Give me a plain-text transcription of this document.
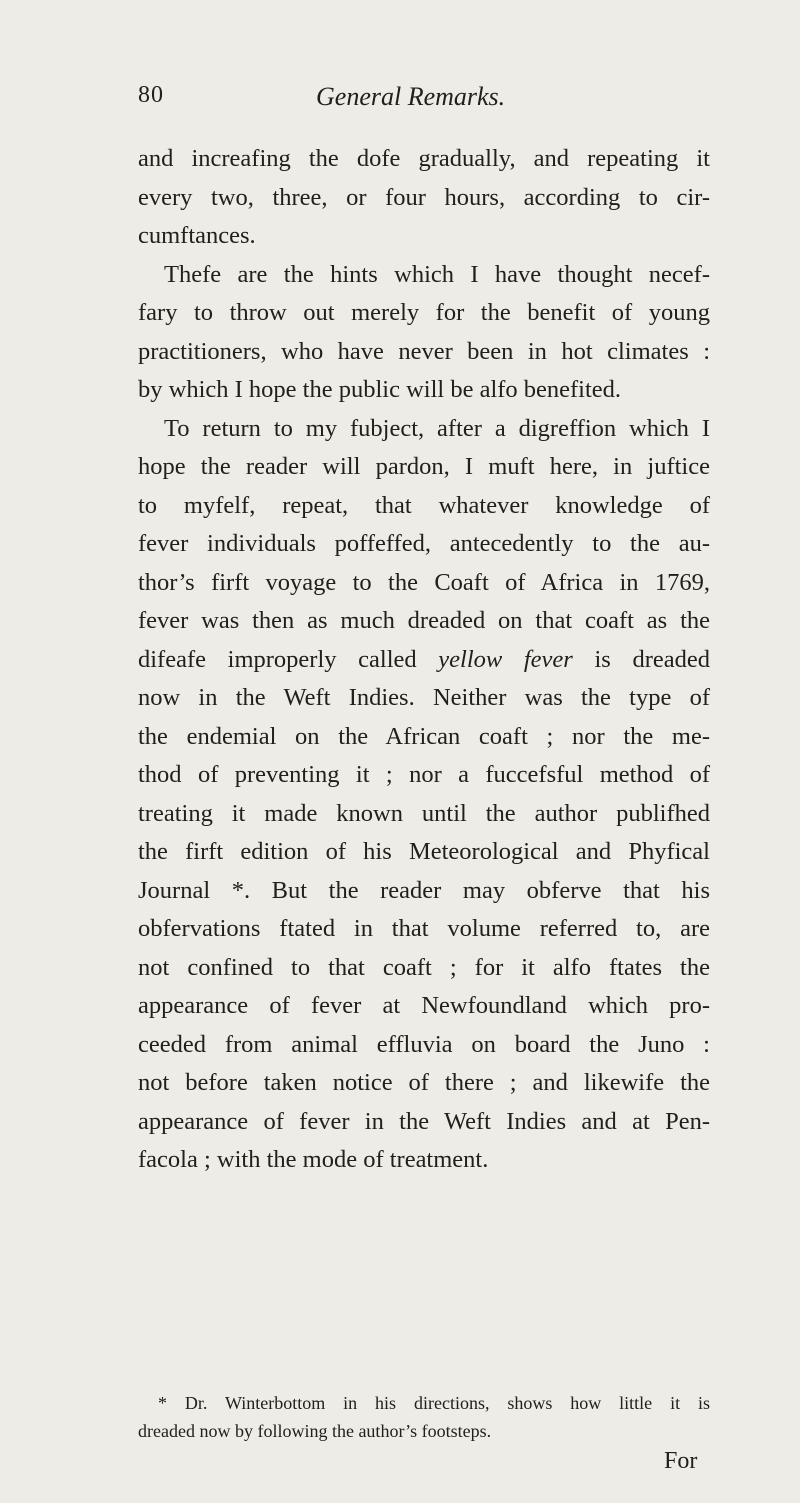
80	General Remarks.
and increafing the dofe gradually, and repeating it
every two, three, or four hours, according to cir-
cumftances.
Thefe are the hints which I have thought necef-
fary to throw out merely for the benefit of young
practitioners, who have never been in hot climates :
by which I hope the public will be alfo benefited.
To return to my fubject, after a digreffion which I
hope the reader will pardon, I muft here, in juftice
to myfelf, repeat, that whatever knowledge of
fever individuals poffeffed, antecedently to the au-
thor’s firft voyage to the Coaft of Africa in 1769,
fever was then as much dreaded on that coaft as the
difeafe improperly called yellow fever is dreaded
now in the Weft Indies. Neither was the type of
the endemial on the African coaft ; nor the me-
thod of preventing it ; nor a fuccefsful method of
treating it made known until the author publifhed
the firft edition of his Meteorological and Phyfical
Journal *. But the reader may obferve that his
obfervations ftated in that volume referred to, are
not confined to that coaft ; for it alfo ftates the
appearance of fever at Newfoundland which pro-
ceeded from animal effluvia on board the Juno :
not before taken notice of there ; and likewife the
appearance of fever in the Weft Indies and at Pen-
facola ; with the mode of treatment.
* Dr. Winterbottom in his directions, shows how little it is
dreaded now by following the author’s footsteps.
For
